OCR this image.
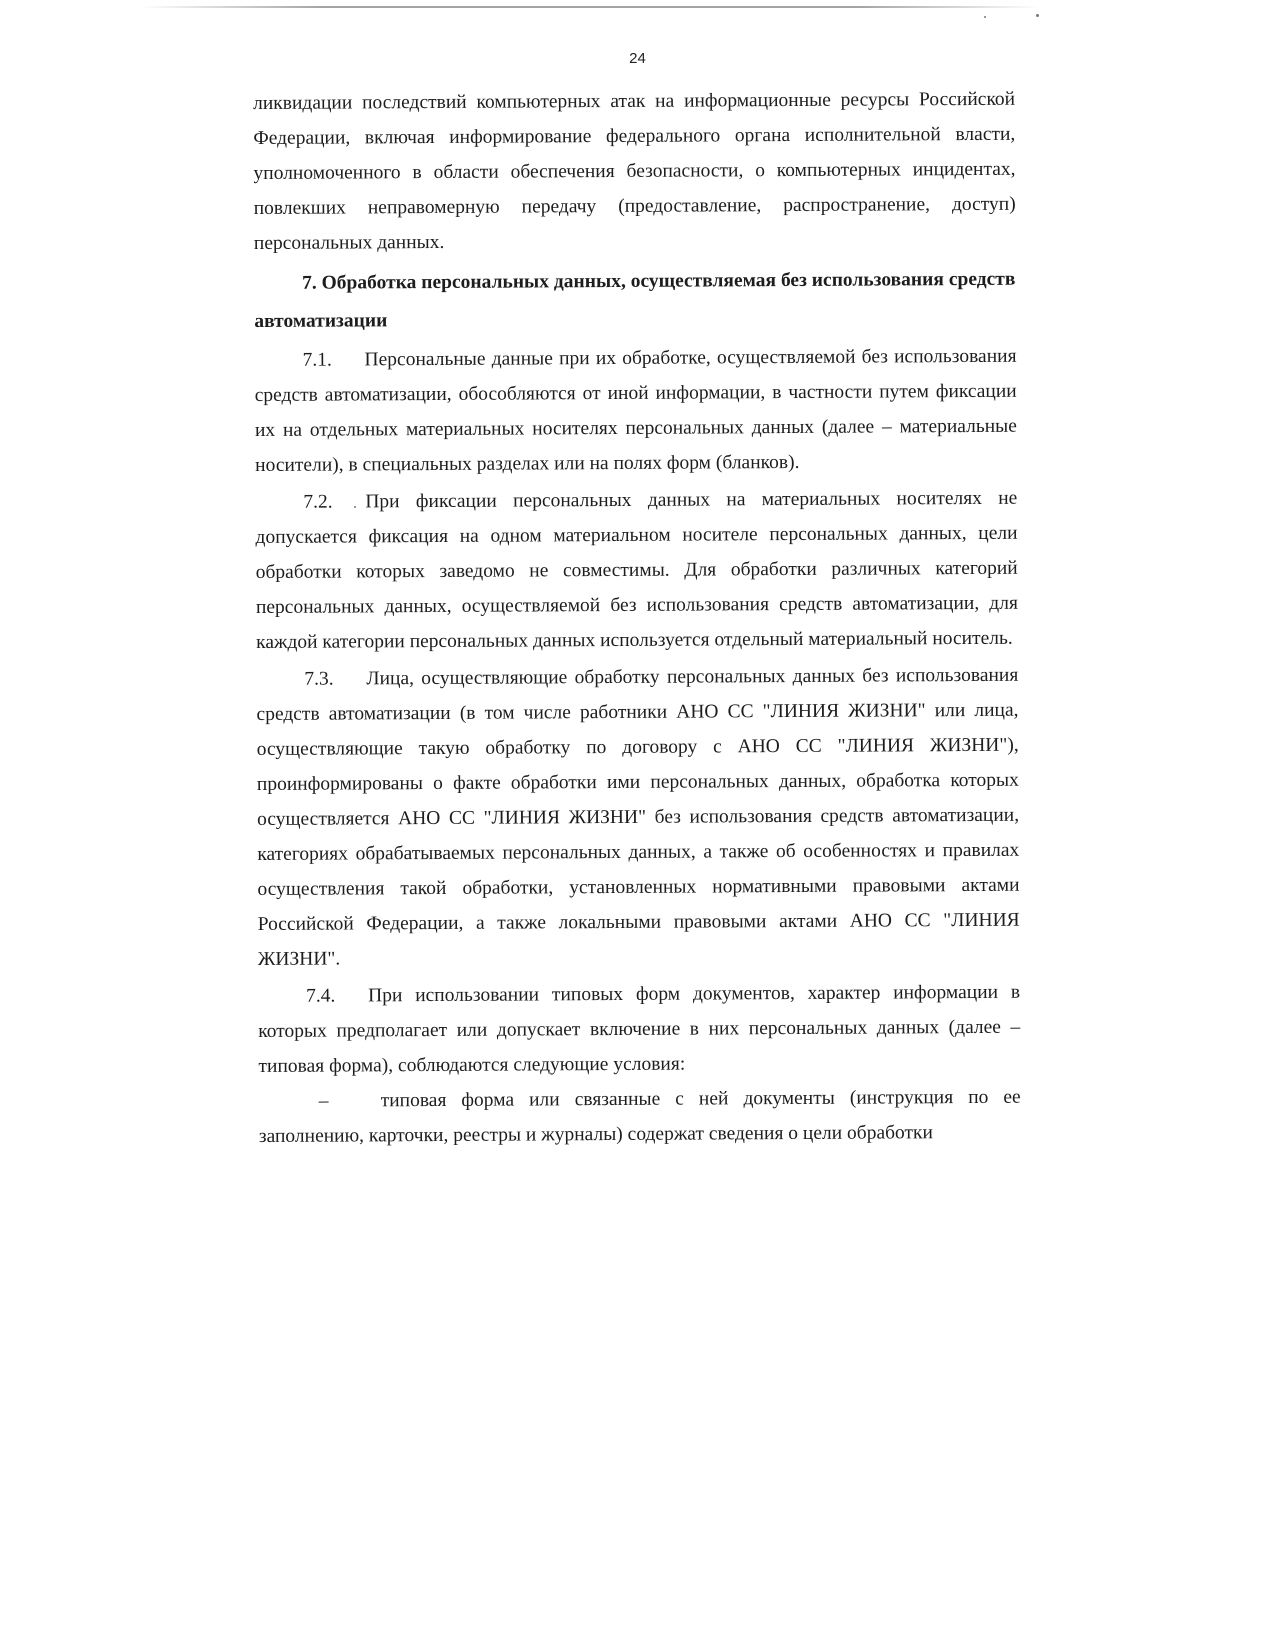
24

ликвидации последствий компьютерных атак на информационные ресурсы Российской Федерации, включая информирование федерального органа исполнительной власти, уполномоченного в области обеспечения безопасности, о компьютерных инцидентах, повлекших неправомерную передачу (предоставление, распространение, доступ) персональных данных.

7. Обработка персональных данных, осуществляемая без использования средств автоматизации

7.1. Персональные данные при их обработке, осуществляемой без использования средств автоматизации, обособляются от иной информации, в частности путем фиксации их на отдельных материальных носителях персональных данных (далее – материальные носители), в специальных разделах или на полях форм (бланков).

7.2. При фиксации персональных данных на материальных носителях не допускается фиксация на одном материальном носителе персональных данных, цели обработки которых заведомо не совместимы. Для обработки различных категорий персональных данных, осуществляемой без использования средств автоматизации, для каждой категории персональных данных используется отдельный материальный носитель.

7.3. Лица, осуществляющие обработку персональных данных без использования средств автоматизации (в том числе работники АНО СС "ЛИНИЯ ЖИЗНИ" или лица, осуществляющие такую обработку по договору с АНО СС "ЛИНИЯ ЖИЗНИ"), проинформированы о факте обработки ими персональных данных, обработка которых осуществляется АНО СС "ЛИНИЯ ЖИЗНИ" без использования средств автоматизации, категориях обрабатываемых персональных данных, а также об особенностях и правилах осуществления такой обработки, установленных нормативными правовыми актами Российской Федерации, а также локальными правовыми актами АНО СС "ЛИНИЯ ЖИЗНИ".

7.4. При использовании типовых форм документов, характер информации в которых предполагает или допускает включение в них персональных данных (далее – типовая форма), соблюдаются следующие условия:

–	типовая форма или связанные с ней документы (инструкция по ее заполнению, карточки, реестры и журналы) содержат сведения о цели обработки
